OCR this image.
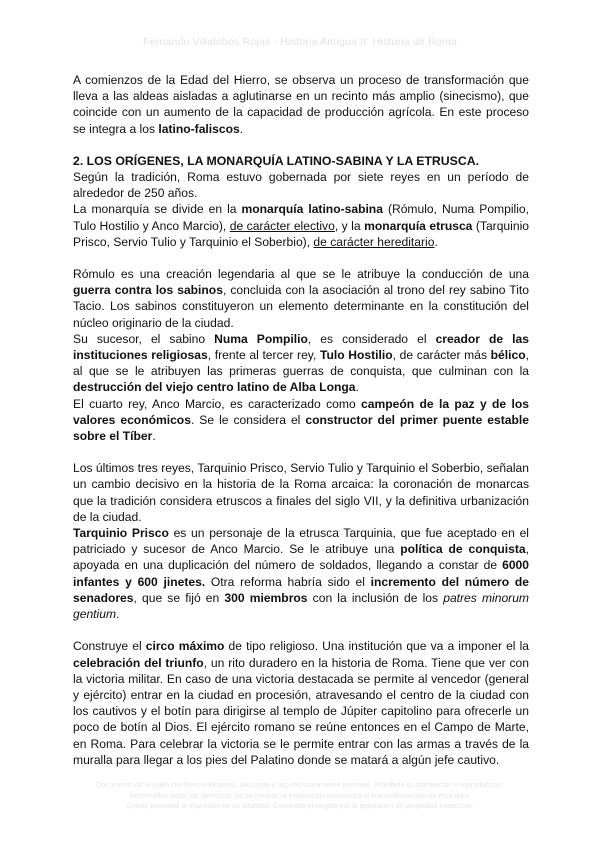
Fernando Villalobos Rojas - Historia Antigua II: Historia de Roma

A comienzos de la Edad del Hierro, se observa un proceso de transformación que lleva a las aldeas aisladas a aglutinarse en un recinto más amplio (sinecismo), que coincide con un aumento de la capacidad de producción agrícola. En este proceso se integra a los latino-faliscos.

2. LOS ORÍGENES, LA MONARQUÍA LATINO-SABINA Y LA ETRUSCA.

Según la tradición, Roma estuvo gobernada por siete reyes en un período de alrededor de 250 años.

La monarquía se divide en la monarquía latino-sabina (Rómulo, Numa Pompilio, Tulo Hostilio y Anco Marcio), de carácter electivo, y la monarquía etrusca (Tarquinio Prisco, Servio Tulio y Tarquinio el Soberbio), de carácter hereditario.

Rómulo es una creación legendaria al que se le atribuye la conducción de una guerra contra los sabinos, concluida con la asociación al trono del rey sabino Tito Tacio. Los sabinos constituyeron un elemento determinante en la constitución del núcleo originario de la ciudad.

Su sucesor, el sabino Numa Pompilio, es considerado el creador de las instituciones religiosas, frente al tercer rey, Tulo Hostilio, de carácter más bélico, al que se le atribuyen las primeras guerras de conquista, que culminan con la destrucción del viejo centro latino de Alba Longa.

El cuarto rey, Anco Marcio, es caracterizado como campeón de la paz y de los valores económicos. Se le considera el constructor del primer puente estable sobre el Tíber.

Los últimos tres reyes, Tarquinio Prisco, Servio Tulio y Tarquinio el Soberbio, señalan un cambio decisivo en la historia de la Roma arcaica: la coronación de monarcas que la tradición considera etruscos a finales del siglo VII, y la definitiva urbanización de la ciudad.

Tarquinio Prisco es un personaje de la etrusca Tarquinia, que fue aceptado en el patriciado y sucesor de Anco Marcio. Se le atribuye una política de conquista, apoyada en una duplicación del número de soldados, llegando a constar de 6000 infantes y 600 jinetes. Otra reforma habría sido el incremento del número de senadores, que se fijó en 300 miembros con la inclusión de los patres minorum gentium.

Construye el circo máximo de tipo religioso. Una institución que va a imponer el la celebración del triunfo, un rito duradero en la historia de Roma. Tiene que ver con la victoria militar. En caso de una victoria destacada se permite al vencedor (general y ejército) entrar en la ciudad en procesión, atravesando el centro de la ciudad con los cautivos y el botín para dirigirse al templo de Júpiter capitolino para ofrecerle un poco de botín al Dios. El ejército romano se reúne entonces en el Campo de Marte, en Roma. Para celebrar la victoria se le permite entrar con las armas a través de la muralla para llegar a los pies del Palatino donde se matará a algún jefe cautivo.

Documento de Wuolah con fines educativos, descarga y uso exclusivamente personal. Prohibida su distribución o reproducción.
Reservados todos los derechos. No se permite la explotación económica ni la transformación de esta obra.
Queda permitida la impresión en su totalidad. Contenido protegido por la legislación de propiedad intelectual.
